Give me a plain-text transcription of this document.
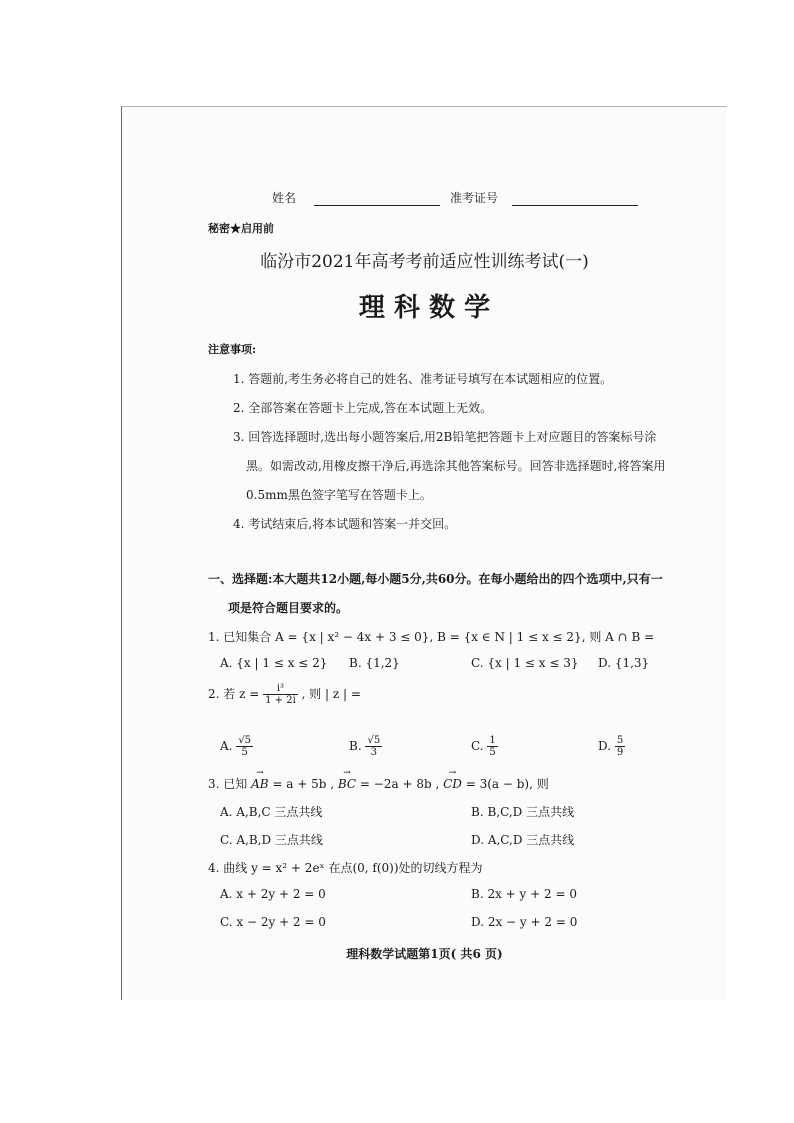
姓名	准考证号
秘密★启用前
临汾市2021年高考考前适应性训练考试(一)
理 科 数 学
注意事项:
1. 答题前,考生务必将自己的姓名、准考证号填写在本试题相应的位置。
2. 全部答案在答题卡上完成,答在本试题上无效。
3. 回答选择题时,选出每小题答案后,用2B铅笔把答题卡上对应题目的答案标号涂
黑。如需改动,用橡皮擦干净后,再选涂其他答案标号。回答非选择题时,将答案用
0.5mm黑色签字笔写在答题卡上。
4. 考试结束后,将本试题和答案一并交回。
一、选择题:本大题共12小题,每小题5分,共60分。在每小题给出的四个选项中,只有一
项是符合题目要求的。
1. 已知集合 A = {x | x² − 4x + 3 ≤ 0}, B = {x ∈ N | 1 ≤ x ≤ 2}, 则 A ∩ B =
A. {x | 1 ≤ x ≤ 2} B. {1,2}	C. {x | 1 ≤ x ≤ 3} D. {1,3}
2. 若 $z = \frac{\text{i³}}{1 + 2i}$ , 则 | z | =
A. $\frac{√5}{5}$	B. $\frac{√5}{3}$	C. $\frac{1}{5}$	D. $\frac{5}{9}$
3. 已知 → AB = a + 5b , → BC = −2a + 8b , → CD = 3(a − b), 则
A. A,B,C 三点共线	B. B,C,D 三点共线
C. A,B,D 三点共线	D. A,C,D 三点共线
4. 曲线 y = x² + 2eˣ 在点(0, f(0))处的切线方程为
A. x + 2y + 2 = 0	B. 2x + y + 2 = 0
C. x − 2y + 2 = 0	D. 2x − y + 2 = 0
理科数学试题第1页( 共6 页)
